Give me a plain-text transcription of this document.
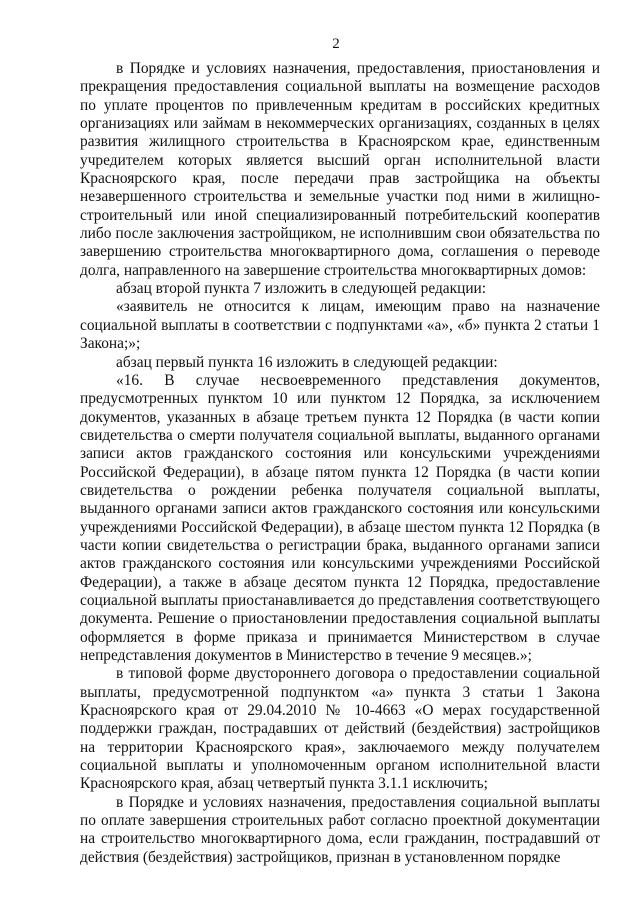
2

в Порядке и условиях назначения, предоставления, приостановления и прекращения предоставления социальной выплаты на возмещение расходов по уплате процентов по привлеченным кредитам в российских кредитных организациях или займам в некоммерческих организациях, созданных в целях развития жилищного строительства в Красноярском крае, единственным учредителем которых является высший орган исполнительной власти Красноярского края, после передачи прав застройщика на объекты незавершенного строительства и земельные участки под ними в жилищно-строительный или иной специализированный потребительский кооператив либо после заключения застройщиком, не исполнившим свои обязательства по завершению строительства многоквартирного дома, соглашения о переводе долга, направленного на завершение строительства многоквартирных домов:

абзац второй пункта 7 изложить в следующей редакции:

«заявитель не относится к лицам, имеющим право на назначение социальной выплаты в соответствии с подпунктами «а», «б» пункта 2 статьи 1 Закона;»;

абзац первый пункта 16 изложить в следующей редакции:

«16. В случае несвоевременного представления документов, предусмотренных пунктом 10 или пунктом 12 Порядка, за исключением документов, указанных в абзаце третьем пункта 12 Порядка (в части копии свидетельства о смерти получателя социальной выплаты, выданного органами записи актов гражданского состояния или консульскими учреждениями Российской Федерации), в абзаце пятом пункта 12 Порядка (в части копии свидетельства о рождении ребенка получателя социальной выплаты, выданного органами записи актов гражданского состояния или консульскими учреждениями Российской Федерации), в абзаце шестом пункта 12 Порядка (в части копии свидетельства о регистрации брака, выданного органами записи актов гражданского состояния или консульскими учреждениями Российской Федерации), а также в абзаце десятом пункта 12 Порядка, предоставление социальной выплаты приостанавливается до представления соответствующего документа. Решение о приостановлении предоставления социальной выплаты оформляется в форме приказа и принимается Министерством в случае непредставления документов в Министерство в течение 9 месяцев.»;

в типовой форме двустороннего договора о предоставлении социальной выплаты, предусмотренной подпунктом «а» пункта 3 статьи 1 Закона Красноярского края от 29.04.2010 № 10-4663 «О мерах государственной поддержки граждан, пострадавших от действий (бездействия) застройщиков на территории Красноярского края», заключаемого между получателем социальной выплаты и уполномоченным органом исполнительной власти Красноярского края, абзац четвертый пункта 3.1.1 исключить;

в Порядке и условиях назначения, предоставления социальной выплаты по оплате завершения строительных работ согласно проектной документации на строительство многоквартирного дома, если гражданин, пострадавший от действия (бездействия) застройщиков, признан в установленном порядке
